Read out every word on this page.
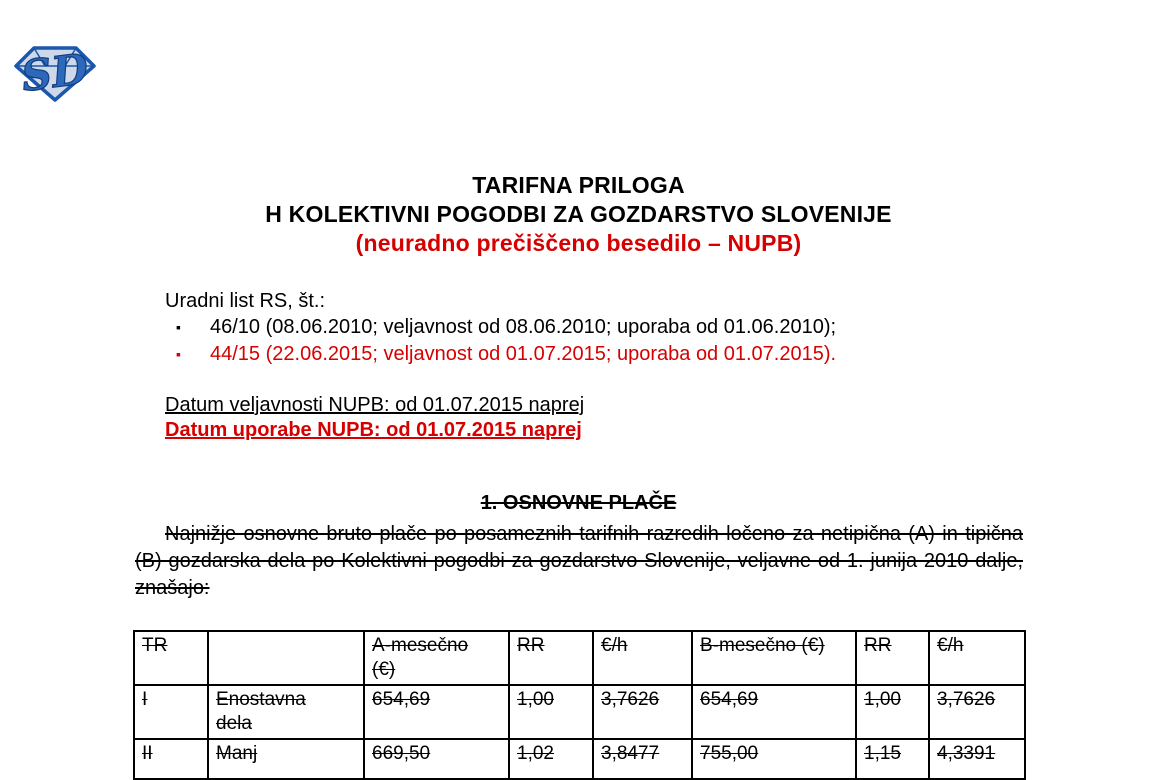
SD
TARIFNA PRILOGA
H KOLEKTIVNI POGODBI ZA GOZDARSTVO SLOVENIJE
(neuradno prečiščeno besedilo – NUPB)
Uradni list RS, št.:
▪	46/10 (08.06.2010; veljavnost od 08.06.2010; uporaba od 01.06.2010);
▪	44/15 (22.06.2015; veljavnost od 01.07.2015; uporaba od 01.07.2015).
Datum veljavnosti NUPB: od 01.07.2015 naprej
Datum uporabe NUPB: od 01.07.2015 naprej
1. OSNOVNE PLAČE
Najnižje osnovne bruto plače po posameznih tarifnih razredih ločeno za netipična (A) in tipična (B) gozdarska dela po Kolektivni pogodbi za gozdarstvo Slovenije, veljavne od 1. junija 2010 dalje, znašajo:
TR		A-mesečno (€)	RR	€/h	B-mesečno (€)	RR	€/h
I	Enostavna dela	654,69	1,00	3,7626	654,69	1,00	3,7626
II	Manj	669,50	1,02	3,8477	755,00	1,15	4,3391
